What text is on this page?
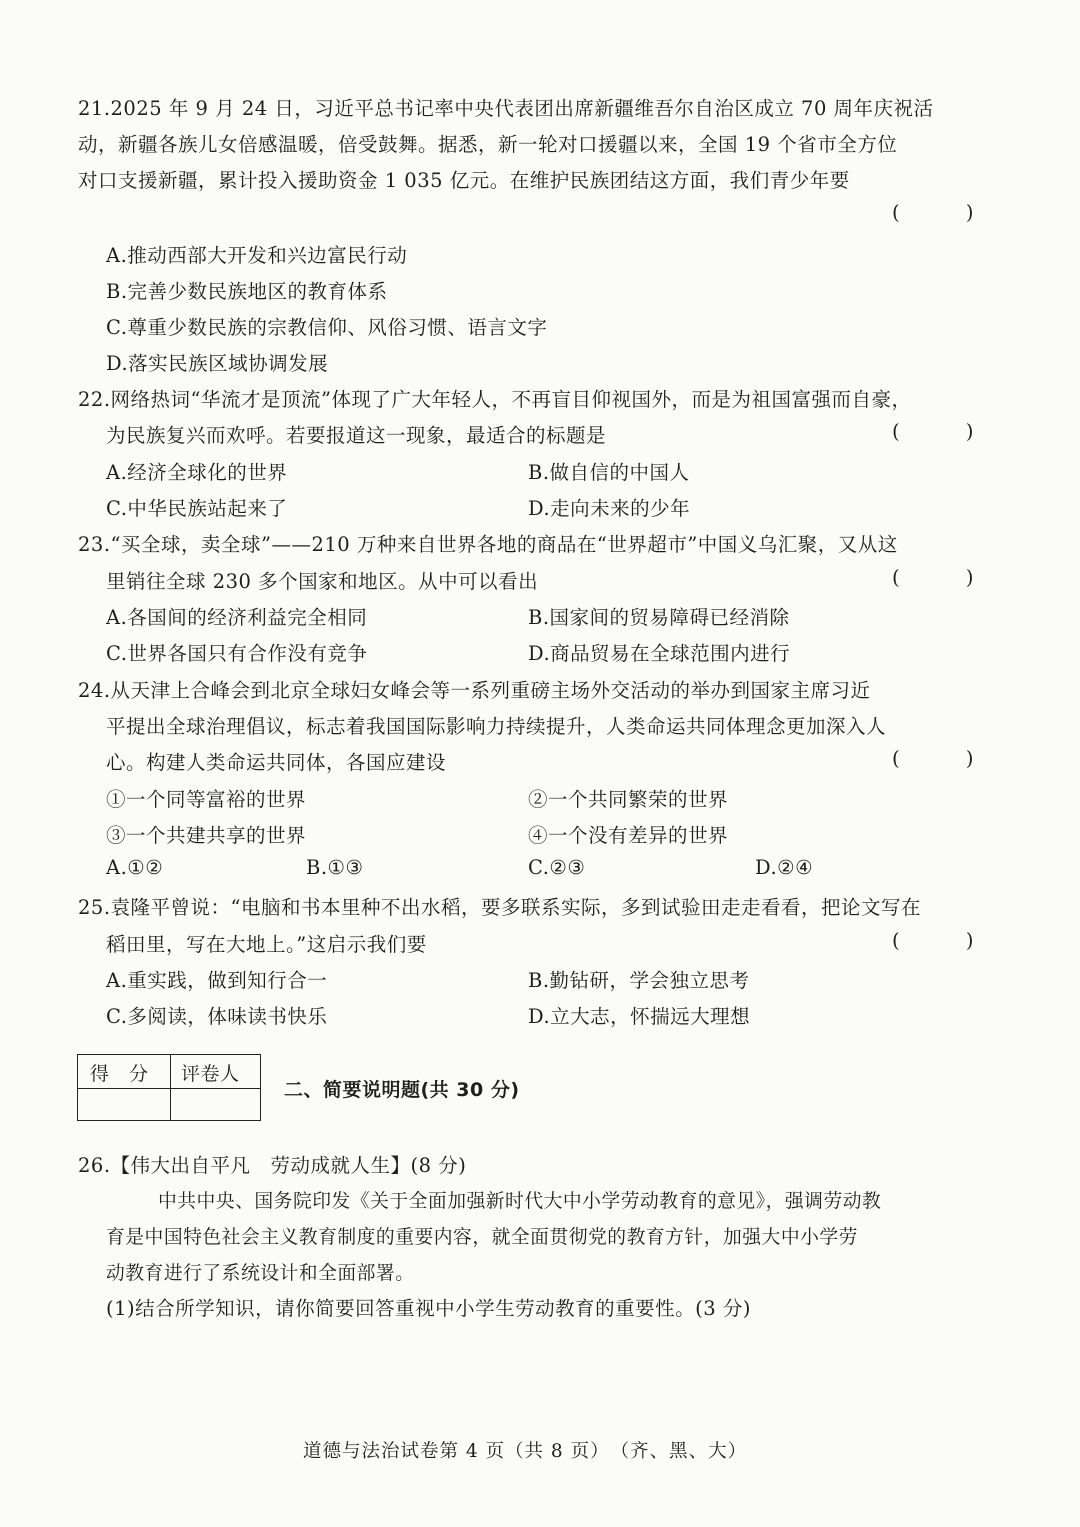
21.2025 年 9 月 24 日，习近平总书记率中央代表团出席新疆维吾尔自治区成立 70 周年庆祝活
动，新疆各族儿女倍感温暖，倍受鼓舞。据悉，新一轮对口援疆以来，全国 19 个省市全方位
对口支援新疆，累计投入援助资金 1 035 亿元。在维护民族团结这方面，我们青少年要
(	)
A.推动西部大开发和兴边富民行动
B.完善少数民族地区的教育体系
C.尊重少数民族的宗教信仰、风俗习惯、语言文字
D.落实民族区域协调发展
22.网络热词“华流才是顶流”体现了广大年轻人，不再盲目仰视国外，而是为祖国富强而自豪，
为民族复兴而欢呼。若要报道这一现象，最适合的标题是	(	)
A.经济全球化的世界	B.做自信的中国人
C.中华民族站起来了	D.走向未来的少年
23.“买全球，卖全球”——210 万种来自世界各地的商品在“世界超市”中国义乌汇聚，又从这
里销往全球 230 多个国家和地区。从中可以看出	(	)
A.各国间的经济利益完全相同	B.国家间的贸易障碍已经消除
C.世界各国只有合作没有竞争	D.商品贸易在全球范围内进行
24.从天津上合峰会到北京全球妇女峰会等一系列重磅主场外交活动的举办到国家主席习近
平提出全球治理倡议，标志着我国国际影响力持续提升，人类命运共同体理念更加深入人
心。构建人类命运共同体，各国应建设	(	)
①一个同等富裕的世界	②一个共同繁荣的世界
③一个共建共享的世界	④一个没有差异的世界
A.①②	B.①③	C.②③	D.②④
25.袁隆平曾说：“电脑和书本里种不出水稻，要多联系实际，多到试验田走走看看，把论文写在
稻田里，写在大地上。”这启示我们要	(	)
A.重实践，做到知行合一	B.勤钻研，学会独立思考
C.多阅读，体味读书快乐	D.立大志，怀揣远大理想
得　分 评卷人
二、简要说明题(共 30 分)
26.【伟大出自平凡　劳动成就人生】(8 分)
中共中央、国务院印发《关于全面加强新时代大中小学劳动教育的意见》，强调劳动教
育是中国特色社会主义教育制度的重要内容，就全面贯彻党的教育方针，加强大中小学劳
动教育进行了系统设计和全面部署。
(1)结合所学知识，请你简要回答重视中小学生劳动教育的重要性。(3 分)
道德与法治试卷第 4 页（共 8 页）　（齐、黑、大）
